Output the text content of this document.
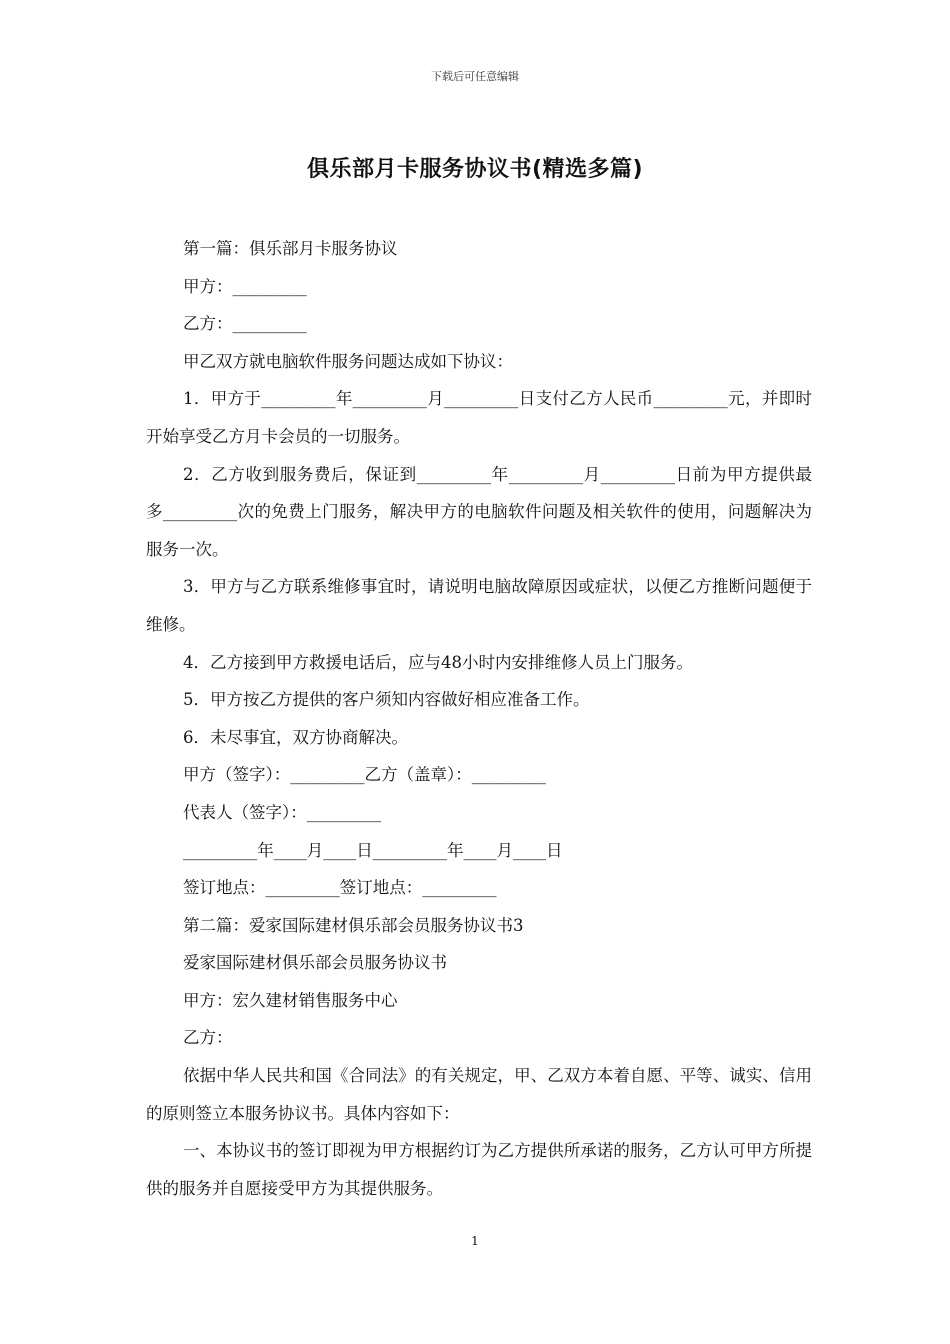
下载后可任意编辑
俱乐部月卡服务协议书(精选多篇)

第一篇：俱乐部月卡服务协议

甲方：_________

乙方：_________

甲乙双方就电脑软件服务问题达成如下协议：

1．甲方于_________年_________月_________日支付乙方人民币_________元，并即时开始享受乙方月卡会员的一切服务。

2．乙方收到服务费后，保证到_________年_________月_________日前为甲方提供最多_________次的免费上门服务，解决甲方的电脑软件问题及相关软件的使用，问题解决为服务一次。

3．甲方与乙方联系维修事宜时，请说明电脑故障原因或症状，以便乙方推断问题便于维修。

4．乙方接到甲方救援电话后，应与48小时内安排维修人员上门服务。

5．甲方按乙方提供的客户须知内容做好相应准备工作。

6．未尽事宜，双方协商解决。

甲方（签字）：_________乙方（盖章）：_________

代表人（签字）：_________

_________年____月____日_________年____月____日

签订地点：_________签订地点：_________

第二篇：爱家国际建材俱乐部会员服务协议书3

爱家国际建材俱乐部会员服务协议书

甲方：宏久建材销售服务中心

乙方：

依据中华人民共和国《合同法》的有关规定，甲、乙双方本着自愿、平等、诚实、信用的原则签立本服务协议书。具体内容如下：

一、本协议书的签订即视为甲方根据约订为乙方提供所承诺的服务，乙方认可甲方所提供的服务并自愿接受甲方为其提供服务。

1
